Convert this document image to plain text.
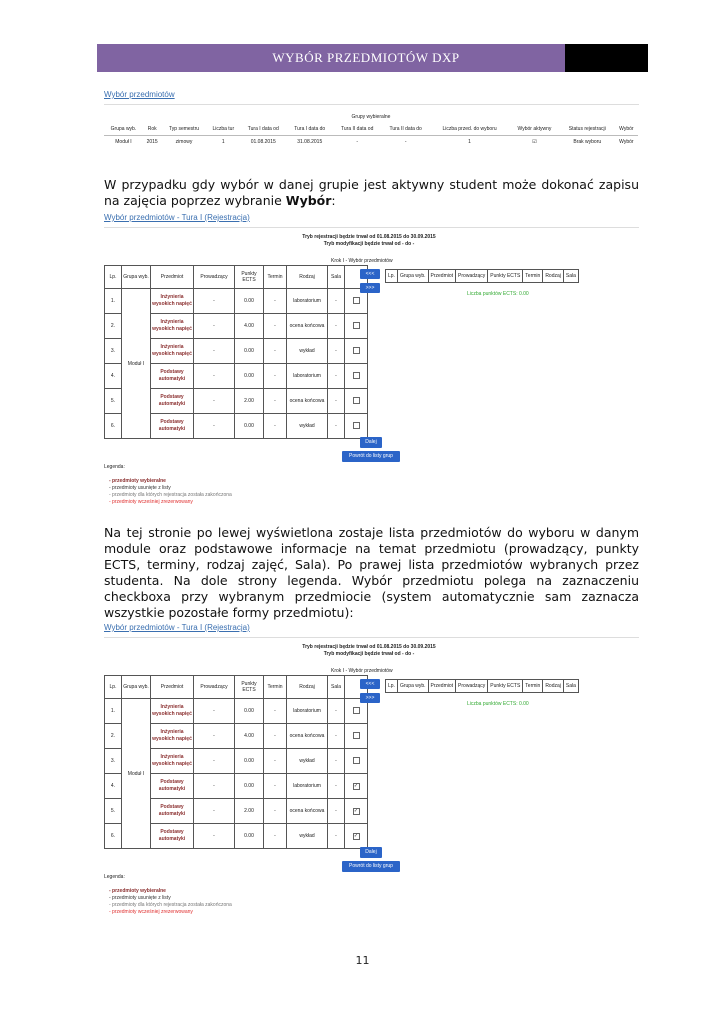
WYBÓR PRZEDMIOTÓW DXP
Wybór przedmiotów
Grupy wybieralne											
Grupa wyb.	Rok	Typ semestru	Liczba tur	Tura I data od	Tura I data do	Tura II data od	Tura II data do	Liczba przed. do wyboru	Wybór aktywny	Status rejestracji	Wybór
Moduł I	2015	zimowy	1	01.08.2015	31.08.2015	-	-	1	☑	Brak wyboru	Wybór
W przypadku gdy wybór w danej grupie jest aktywny student może dokonać zapisu na zajęcia poprzez wybranie Wybór:
Wybór przedmiotów - Tura I (Rejestracja)
Tryb rejestracji będzie trwał od 01.08.2015 do 30.09.2015
Tryb modyfikacji będzie trwał od - do -
Krok I - Wybór przedmiotów
Lp.	Grupa wyb.	Przedmiot	Prowadzący	Punkty ECTS	Termin	Rodzaj	Sala	
1.	Moduł I	Inżynieria wysokich napięć	-	0.00	-	laboratorium	-	
2.		Inżynieria wysokich napięć	-	4.00	-	ocena końcowa	-	
3.		Inżynieria wysokich napięć	-	0.00	-	wykład	-	
4.		Podstawy automatyki	-	0.00	-	laboratorium	-	
5.		Podstawy automatyki	-	2.00	-	ocena końcowa	-	
6.		Podstawy automatyki	-	0.00	-	wykład	-	
<<<
>>>
Lp.	Grupa wyb.	Przedmiot	Prowadzący	Punkty ECTS	Termin	Rodzaj	Sala
Liczba punktów ECTS: 0.00
Dalej
Powrót do listy grup
Legenda:
- przedmioty wybieralne
- przedmioty usunięte z listy
- przedmioty dla których rejestracja została zakończona
- przedmioty wcześniej zrezerwowany
Na tej stronie po lewej wyświetlona zostaje lista przedmiotów do wyboru w danym module oraz podstawowe informacje na temat przedmiotu (prowadzący, punkty ECTS, terminy, rodzaj zajęć, Sala). Po prawej lista przedmiotów wybranych przez studenta. Na dole strony legenda. Wybór przedmiotu polega na zaznaczeniu checkboxa przy wybranym przedmiocie (system automatycznie sam zaznacza wszystkie pozostałe formy przedmiotu):
Wybór przedmiotów - Tura I (Rejestracja)
Tryb rejestracji będzie trwał od 01.08.2015 do 30.09.2015
Tryb modyfikacji będzie trwał od - do -
Krok I - Wybór przedmiotów
Lp.	Grupa wyb.	Przedmiot	Prowadzący	Punkty ECTS	Termin	Rodzaj	Sala	
1.	Moduł I	Inżynieria wysokich napięć	-	0.00	-	laboratorium	-	
2.		Inżynieria wysokich napięć	-	4.00	-	ocena końcowa	-	
3.		Inżynieria wysokich napięć	-	0.00	-	wykład	-	
4.		Podstawy automatyki	-	0.00	-	laboratorium	-	✓
5.		Podstawy automatyki	-	2.00	-	ocena końcowa	-	✓
6.		Podstawy automatyki	-	0.00	-	wykład	-	✓
<<<
>>>
Lp.	Grupa wyb.	Przedmiot	Prowadzący	Punkty ECTS	Termin	Rodzaj	Sala
Liczba punktów ECTS: 0.00
Dalej
Powrót do listy grup
Legenda:
- przedmioty wybieralne
- przedmioty usunięte z listy
- przedmioty dla których rejestracja została zakończona
- przedmioty wcześniej zrezerwowany
11
